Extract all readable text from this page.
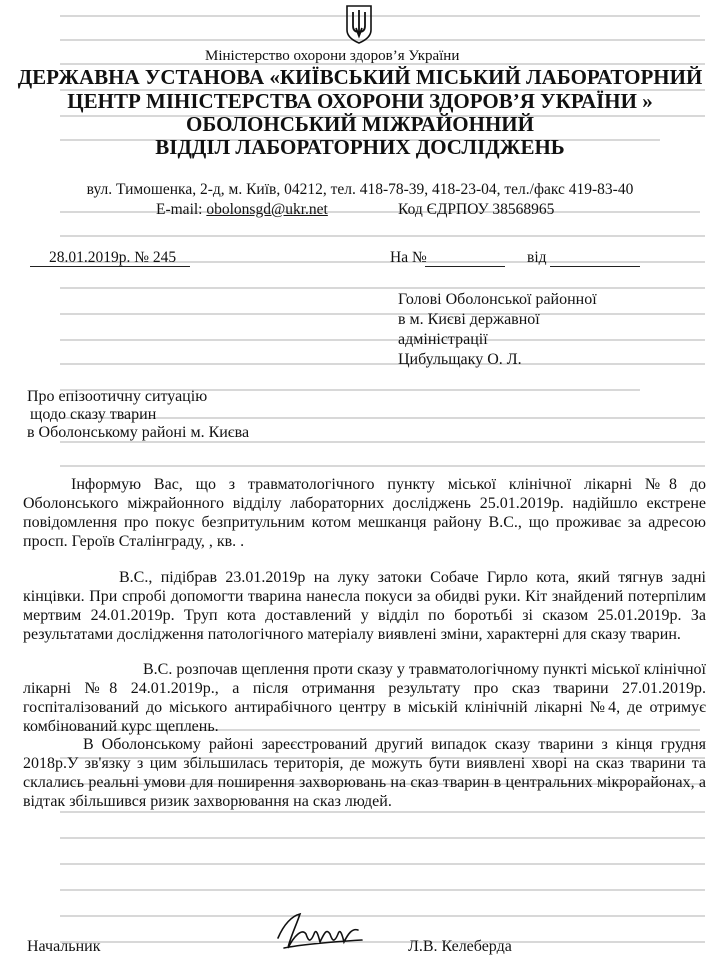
Міністерство охорони здоров’я України
ДЕРЖАВНА УСТАНОВА «КИЇВСЬКИЙ МІСЬКИЙ ЛАБОРАТОРНИЙ
ЦЕНТР МІНІСТЕРСТВА ОХОРОНИ ЗДОРОВ’Я УКРАЇНИ »
ОБОЛОНСЬКИЙ МІЖРАЙОННИЙ
ВІДДІЛ ЛАБОРАТОРНИХ ДОСЛІДЖЕНЬ
вул. Тимошенка, 2-д, м. Київ, 04212, тел. 418-78-39, 418-23-04, тел./факс 419-83-40
E-mail: obolonsgd@ukr.net	Код ЄДРПОУ 38568965
28.01.2019р. № 245	На №	від
Голові Оболонської районної
в м. Києві державної
адміністрації
Цибульщаку О. Л.
Про епізоотичну ситуацію
щодо сказу тварин
в Оболонському районі м. Києва

Інформую Вас, що з травматологічного пункту міської клінічної лікарні №8 до Оболонського міжрайонного відділу лабораторних досліджень 25.01.2019р. надійшло екстрене повідомлення про покус безпритульним котом мешканця району В.С., що проживає за адресою просп. Героїв Сталінграду, , кв. .

В.С., підібрав 23.01.2019р на луку затоки Собаче Гирло кота, який тягнув задні кінцівки. При спробі допомогти тварина нанесла покуси за обидві руки. Кіт знайдений потерпілим мертвим 24.01.2019р. Труп кота доставлений у відділ по боротьбі зі сказом 25.01.2019р. За результатами дослідження патологічного матеріалу виявлені зміни, характерні для сказу тварин.

В.С. розпочав щеплення проти сказу у травматологічному пункті міської клінічної лікарні №8 24.01.2019р., а після отримання результату про сказ тварини 27.01.2019р. госпіталізований до міського антирабічного центру в міській клінічній лікарні №4, де отримує комбінований курс щеплень.

В Оболонському районі зареєстрований другий випадок сказу тварини з кінця грудня 2018р.У зв'язку з цим збільшилась територія, де можуть бути виявлені хворі на сказ тварини та склались реальні умови для поширення захворювань на сказ тварин в центральних мікрорайонах, а відтак збільшився ризик захворювання на сказ людей.

Начальник	Л.В. Келеберда
